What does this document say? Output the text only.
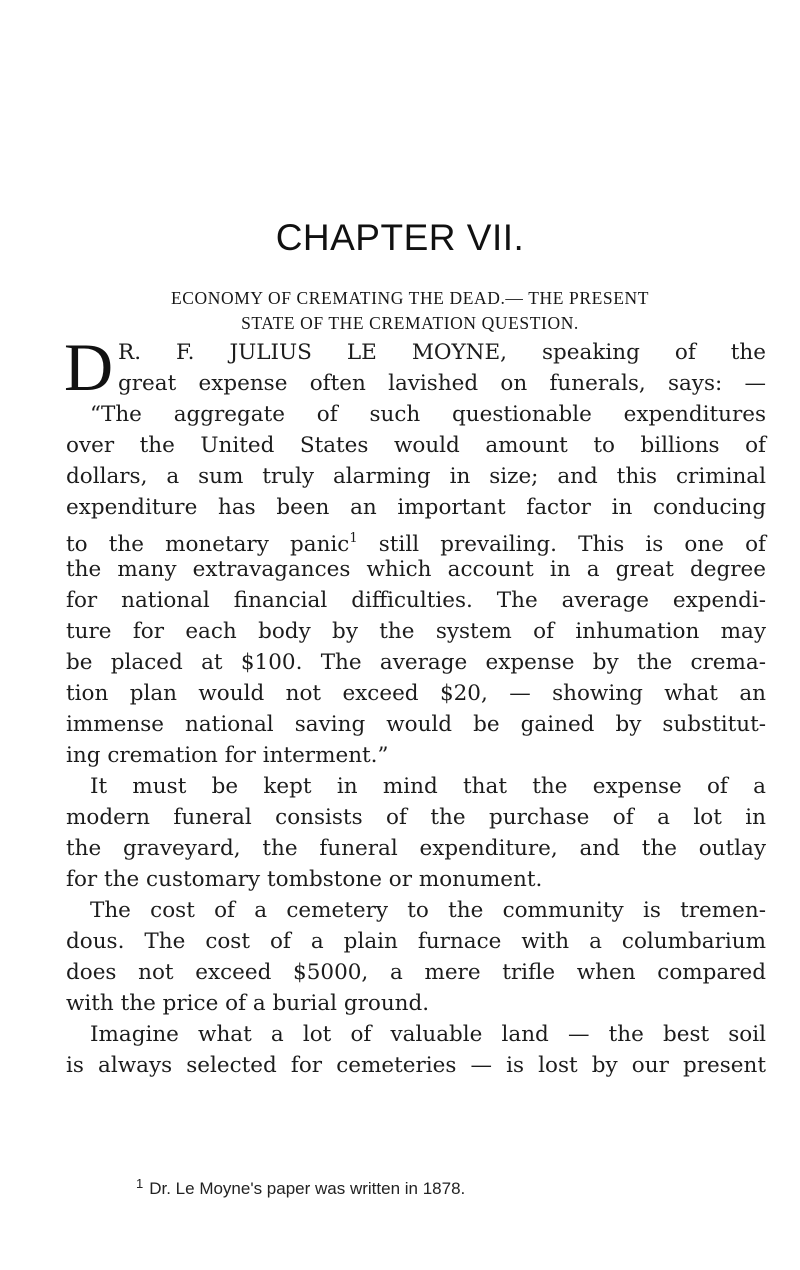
CHAPTER VII.
ECONOMY OF CREMATING THE DEAD.— THE PRESENT
STATE OF THE CREMATION QUESTION.
D R. F. JULIUS LE MOYNE, speaking of the
great expense often lavished on funerals, says: —
“The aggregate of such questionable expenditures
over the United States would amount to billions of
dollars, a sum truly alarming in size; and this criminal
expenditure has been an important factor in conducing
to the monetary panic$^1$ still prevailing. This is one of
the many extravagances which account in a great degree
for national financial difficulties. The average expendi-
ture for each body by the system of inhumation may
be placed at $100. The average expense by the crema-
tion plan would not exceed $20, — showing what an
immense national saving would be gained by substitut-
ing cremation for interment.”
It must be kept in mind that the expense of a
modern funeral consists of the purchase of a lot in
the graveyard, the funeral expenditure, and the outlay
for the customary tombstone or monument.
The cost of a cemetery to the community is tremen-
dous. The cost of a plain furnace with a columbarium
does not exceed $5000, a mere trifle when compared
with the price of a burial ground.
Imagine what a lot of valuable land — the best soil
is always selected for cemeteries — is lost by our present
$^1$ Dr. Le Moyne's paper was written in 1878.
